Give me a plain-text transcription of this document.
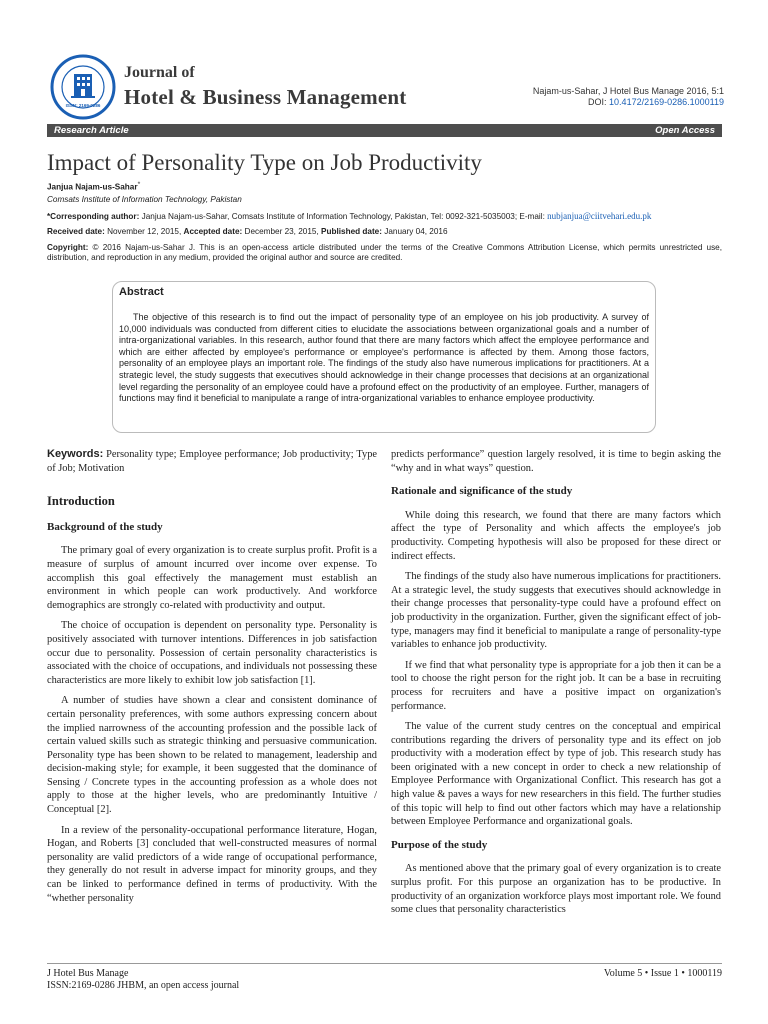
ISSN: 2169-0286
Journal of
Hotel & Business Management	Najam-us-Sahar, J Hotel Bus Manage 2016, 5:1
DOI: 10.4172/2169-0286.1000119
Research Article	Open Access
Impact of Personality Type on Job Productivity
Janjua Najam-us-Sahar*
Comsats Institute of Information Technology, Pakistan
*Corresponding author: Janjua Najam-us-Sahar, Comsats Institute of Information Technology, Pakistan, Tel: 0092-321-5035003; E-mail: nubjanjua@ciitvehari.edu.pk
Received date: November 12, 2015, Accepted date: December 23, 2015, Published date: January 04, 2016
Copyright: © 2016 Najam-us-Sahar J. This is an open-access article distributed under the terms of the Creative Commons Attribution License, which permits unrestricted use, distribution, and reproduction in any medium, provided the original author and source are credited.
Abstract
The objective of this research is to find out the impact of personality type of an employee on his job productivity. A survey of 10,000 individuals was conducted from different cities to elucidate the associations between organizational goals and a number of intra-organizational variables. In this research, author found that there are many factors which affect the employee performance and which are either affected by employee's performance or employee's performance is affected by them. Among those factors, personality of an employee plays an important role. The findings of the study also have numerous implications for practitioners. At a strategic level, the study suggests that executives should acknowledge in their change processes that decisions at an organizational level regarding the personality of an employee could have a profound effect on the productivity of an employee. Further, managers of functions may find it beneficial to manipulate a range of intra-organizational variables to enhance employee productivity.

Keywords: Personality type; Employee performance; Job productivity; Type of Job; Motivation

Introduction
Background of the study

The primary goal of every organization is to create surplus profit. Profit is a measure of surplus of amount incurred over income over expense. To accomplish this goal effectively the management must establish an environment in which people can work productively. And workforce demographics are strongly co-related with productivity and output.

The choice of occupation is dependent on personality type. Personality is positively associated with turnover intentions. Differences in job satisfaction occur due to personality. Possession of certain personality characteristics is associated with the choice of occupations, and individuals not possessing these characteristics are more likely to exhibit low job satisfaction [1].

A number of studies have shown a clear and consistent dominance of certain personality preferences, with some authors expressing concern about the implied narrowness of the accounting profession and the possible lack of certain valued skills such as strategic thinking and persuasive communication. Personality type has been shown to be related to management, leadership and decision-making style; for example, it been suggested that the dominance of Sensing / Concrete types in the accounting profession as a whole does not apply to those at the higher levels, who are predominantly Intuitive / Conceptual [2].

In a review of the personality-occupational performance literature, Hogan, Hogan, and Roberts [3] concluded that well-constructed measures of normal personality are valid predictors of a wide range of occupational performance, they generally do not result in adverse impact for minority groups, and they can be linked to performance defined in terms of productivity. With the “whether personality

predicts performance” question largely resolved, it is time to begin asking the “why and in what ways” question.

Rationale and significance of the study

While doing this research, we found that there are many factors which affect the type of Personality and which affects the employee's job productivity. Competing hypothesis will also be proposed for these direct or indirect effects.

The findings of the study also have numerous implications for practitioners. At a strategic level, the study suggests that executives should acknowledge in their change processes that personality-type could have a profound effect on job productivity in the organization. Further, given the significant effect of job-type, managers may find it beneficial to manipulate a range of personality-type variables to enhance job productivity.

If we find that what personality type is appropriate for a job then it can be a tool to choose the right person for the right job. It can be a base in recruiting process for recruiters and have a positive impact on organization's performance.

The value of the current study centres on the conceptual and empirical contributions regarding the drivers of personality type and its effect on job productivity with a moderation effect by type of job. This research study has been originated with a new concept in order to check a new relationship of Employee Performance with Organizational Conflict. This research has got a high value & paves a ways for new researchers in this field. The further studies of this topic will help to find out other factors which may have a relationship between Employee Performance and organizational goals.

Purpose of the study

As mentioned above that the primary goal of every organization is to create surplus profit. For this purpose an organization has to be productive. In productivity of an organization workforce plays most important role. We found some clues that personality characteristics

J Hotel Bus Manage
ISSN:2169-0286 JHBM, an open access journal
Volume 5 • Issue 1 • 1000119
